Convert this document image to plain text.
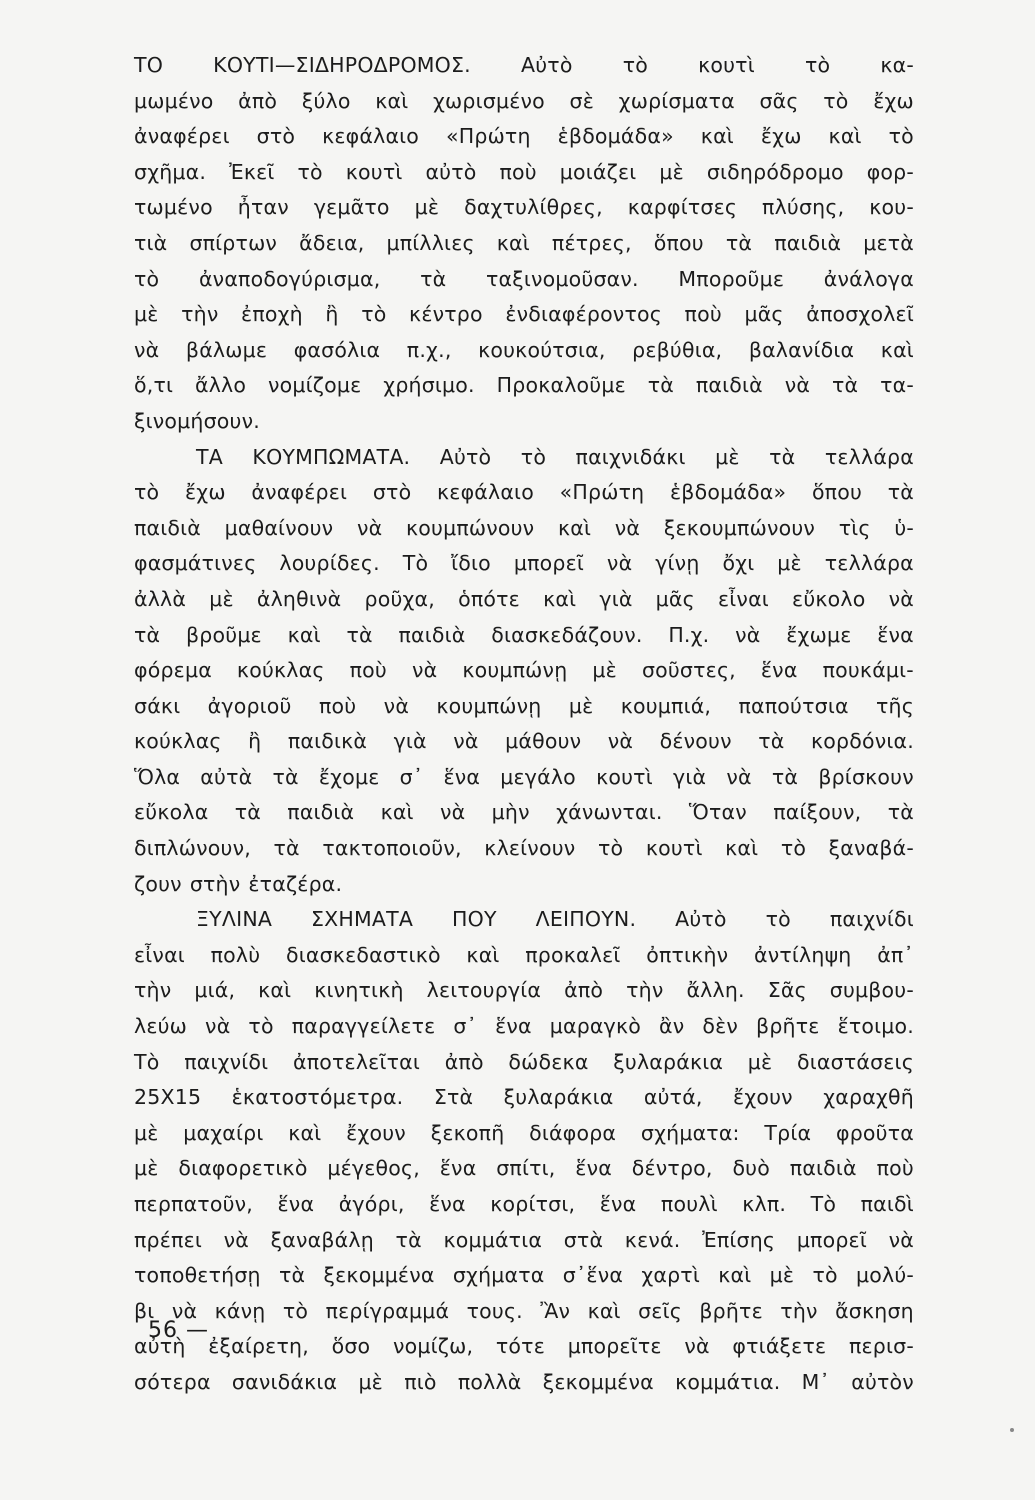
ΤΟ ΚΟΥΤΙ—ΣΙΔΗΡΟΔΡΟΜΟΣ. Αὐτὸ τὸ κουτὶ τὸ κα-
μωμένο ἀπὸ ξύλο καὶ χωρισμένο σὲ χωρίσματα σᾶς τὸ ἔχω
ἀναφέρει στὸ κεφάλαιο «Πρώτη ἑβδομάδα» καὶ ἔχω καὶ τὸ
σχῆμα. Ἐκεῖ τὸ κουτὶ αὐτὸ ποὺ μοιάζει μὲ σιδηρόδρομο φορ-
τωμένο ἦταν γεμᾶτο μὲ δαχτυλίθρες, καρφίτσες πλύσης, κου-
τιὰ σπίρτων ἄδεια, μπίλλιες καὶ πέτρες, ὅπου τὰ παιδιὰ μετὰ
τὸ ἀναποδογύρισμα, τὰ ταξινομοῦσαν. Μποροῦμε ἀνάλογα
μὲ τὴν ἐποχὴ ἢ τὸ κέντρο ἐνδιαφέροντος ποὺ μᾶς ἀποσχολεῖ
νὰ βάλωμε φασόλια π.χ., κουκούτσια, ρεβύθια, βαλανίδια καὶ
ὅ,τι ἄλλο νομίζομε χρήσιμο. Προκαλοῦμε τὰ παιδιὰ νὰ τὰ τα-
ξινομήσουν.
ΤΑ ΚΟΥΜΠΩΜΑΤΑ. Αὐτὸ τὸ παιχνιδάκι μὲ τὰ τελλάρα
τὸ ἔχω ἀναφέρει στὸ κεφάλαιο «Πρώτη ἑβδομάδα» ὅπου τὰ
παιδιὰ μαθαίνουν νὰ κουμπώνουν καὶ νὰ ξεκουμπώνουν τὶς ὑ-
φασμάτινες λουρίδες. Τὸ ἴδιο μπορεῖ νὰ γίνῃ ὄχι μὲ τελλάρα
ἀλλὰ μὲ ἀληθινὰ ροῦχα, ὁπότε καὶ γιὰ μᾶς εἶναι εὔκολο νὰ
τὰ βροῦμε καὶ τὰ παιδιὰ διασκεδάζουν. Π.χ. νὰ ἔχωμε ἕνα
φόρεμα κούκλας ποὺ νὰ κουμπώνῃ μὲ σοῦστες, ἕνα πουκάμι-
σάκι ἀγοριοῦ ποὺ νὰ κουμπώνῃ μὲ κουμπιά, παπούτσια τῆς
κούκλας ἢ παιδικὰ γιὰ νὰ μάθουν νὰ δένουν τὰ κορδόνια.
Ὅλα αὐτὰ τὰ ἔχομε σ᾿ ἕνα μεγάλο κουτὶ γιὰ νὰ τὰ βρίσκουν
εὔκολα τὰ παιδιὰ καὶ νὰ μὴν χάνωνται. Ὅταν παίξουν, τὰ
διπλώνουν, τὰ τακτοποιοῦν, κλείνουν τὸ κουτὶ καὶ τὸ ξαναβά-
ζουν στὴν ἐταζέρα.
ΞΥΛΙΝΑ ΣΧΗΜΑΤΑ ΠΟΥ ΛΕΙΠΟΥΝ. Αὐτὸ τὸ παιχνίδι
εἶναι πολὺ διασκεδαστικὸ καὶ προκαλεῖ ὀπτικὴν ἀντίληψη ἀπ᾿
τὴν μιά, καὶ κινητικὴ λειτουργία ἀπὸ τὴν ἄλλη. Σᾶς συμβου-
λεύω νὰ τὸ παραγγείλετε σ᾿ ἕνα μαραγκὸ ἂν δὲν βρῆτε ἕτοιμο.
Τὸ παιχνίδι ἀποτελεῖται ἀπὸ δώδεκα ξυλαράκια μὲ διαστάσεις
25Χ15 ἑκατοστόμετρα. Στὰ ξυλαράκια αὐτά, ἔχουν χαραχθῆ
μὲ μαχαίρι καὶ ἔχουν ξεκοπῆ διάφορα σχήματα: Τρία φροῦτα
μὲ διαφορετικὸ μέγεθος, ἕνα σπίτι, ἕνα δέντρο, δυὸ παιδιὰ ποὺ
περπατοῦν, ἕνα ἀγόρι, ἕνα κορίτσι, ἕνα πουλὶ κλπ. Τὸ παιδὶ
πρέπει νὰ ξαναβάλῃ τὰ κομμάτια στὰ κενά. Ἐπίσης μπορεῖ νὰ
τοποθετήσῃ τὰ ξεκομμένα σχήματα σ᾿ἕνα χαρτὶ καὶ μὲ τὸ μολύ-
βι νὰ κάνῃ τὸ περίγραμμά τους. Ἂν καὶ σεῖς βρῆτε τὴν ἄσκηση
αὐτὴ ἐξαίρετη, ὅσο νομίζω, τότε μπορεῖτε νὰ φτιάξετε περισ-
σότερα σανιδάκια μὲ πιὸ πολλὰ ξεκομμένα κομμάτια. Μ᾿ αὐτὸν
56 —
